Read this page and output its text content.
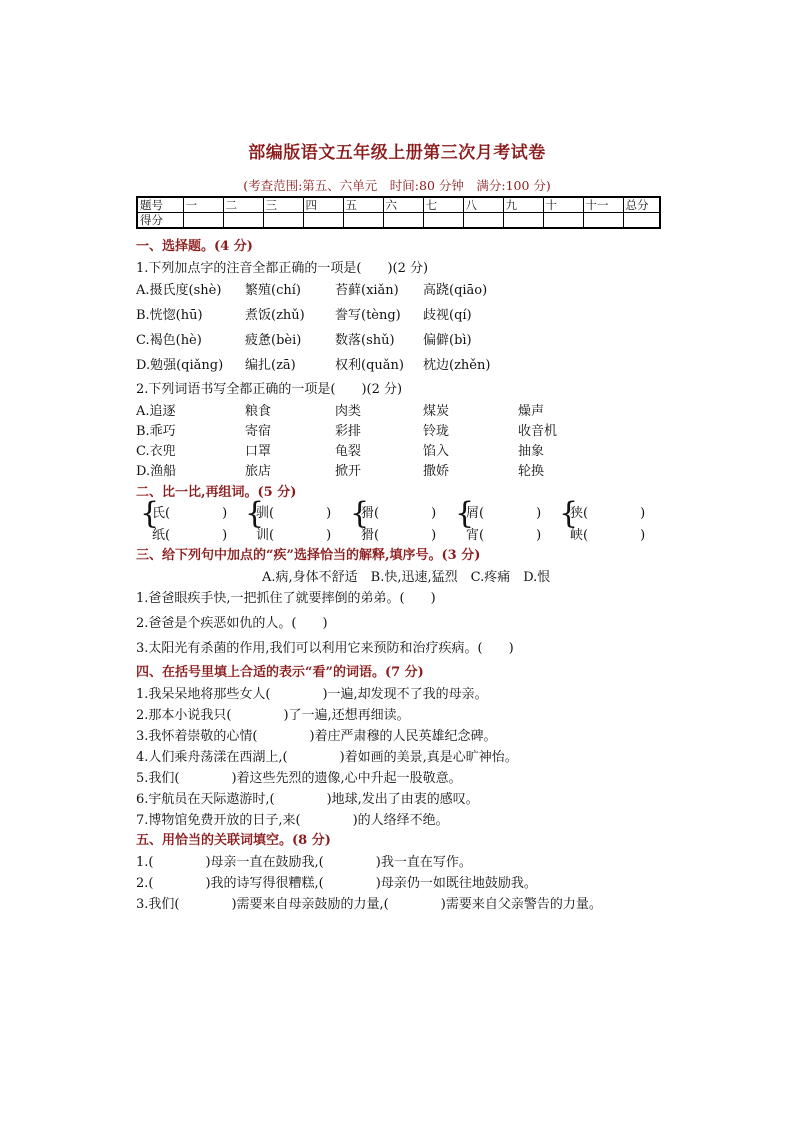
部编版语文五年级上册第三次月考试卷
(考查范围:第五、六单元　时间:80 分钟　满分:100 分)
题号	一	二	三	四	五	六	七	八	九	十	十一	总分
得分												
一、选择题。(4 分)
1.下列加点字的注音全都正确的一项是(　　)(2 分)
A.摄氏度(shè) 繁殖(chí)	苔藓(xiǎn) 高跷(qiāo)
B.恍惚(hū)	煮饭(zhǔ) 誊写(tèng) 歧视(qí)
C.褐色(hè)	疲惫(bèi)	数落(shǔ) 偏僻(bì)
D.勉强(qiǎng) 编扎(zā)	权利(quǎn) 枕边(zhěn)
2.下列词语书写全都正确的一项是(　　)(2 分)
A.追逐	粮食	肉类	煤炭	燥声
B.乖巧	寄宿	彩排	铃珑	收音机
C.衣兜	口罩	龟裂	馅入	抽象
D.渔船	旅店	掀开	撒娇	轮换
二、比一比,再组词。(5 分)
{
氏(　　　　)
纸(　　　　)
{
驯(　　　　)
训(　　　　)
{
猾(　　　　)
猾(　　　　)
{
屑(　　　　)
宵(　　　　)
{
狭(　　　　)
峡(　　　　)
三、给下列句中加点的“疾”选择恰当的解释,填序号。(3 分)
A.病,身体不舒适　B.快,迅速,猛烈　C.疼痛　D.恨
1.爸爸眼疾手快,一把抓住了就要摔倒的弟弟。(　　)
2.爸爸是个疾恶如仇的人。(　　)
3.太阳光有杀菌的作用,我们可以利用它来预防和治疗疾病。(　　)
四、在括号里填上合适的表示“看”的词语。(7 分)
1.我呆呆地将那些女人(　　　　)一遍,却发现不了我的母亲。
2.那本小说我只(　　　　)了一遍,还想再细读。
3.我怀着崇敬的心情(　　　　)着庄严肃穆的人民英雄纪念碑。
4.人们乘舟荡漾在西湖上,(　　　　)着如画的美景,真是心旷神怡。
5.我们(　　　　)着这些先烈的遗像,心中升起一股敬意。
6.宇航员在天际遨游时,(　　　　)地球,发出了由衷的感叹。
7.博物馆免费开放的日子,来(　　　　)的人络绎不绝。
五、用恰当的关联词填空。(8 分)
1.(　　　　)母亲一直在鼓励我,(　　　　)我一直在写作。
2.(　　　　)我的诗写得很糟糕,(　　　　)母亲仍一如既往地鼓励我。
3.我们(　　　　)需要来自母亲鼓励的力量,(　　　　)需要来自父亲警告的力量。
